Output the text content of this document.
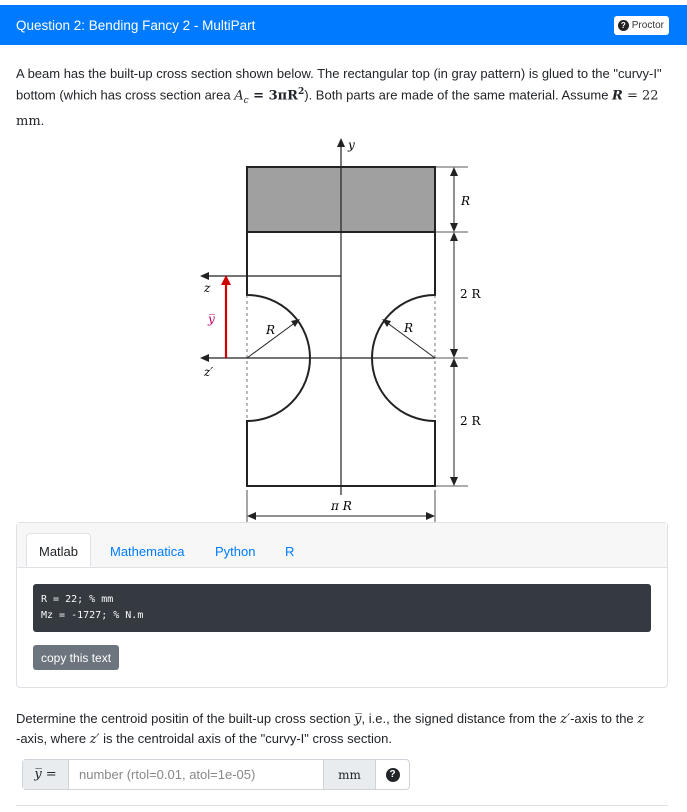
Question 2: Bending Fancy 2 - MultiPart	? Proctor
A beam has the built-up cross section shown below. The rectangular top (in gray pattern) is glued to the "curvy-I" bottom (which has cross section area $A_c = 3\pi R^2$). Both parts are made of the same material. Assume R = 22 mm.
y
z
z′
y̅
R	R
R
2 R
2 R
π R
Matlab	Mathematica Python R
R = 22; % mm
Mz = -1727; % N.m
copy this text
Determine the centroid positin of the built-up cross section y̅, i.e., the signed distance from the z′-axis to the z
-axis, where z′ is the centroidal axis of the "curvy-I" cross section.
y̅ =
number (rtol=0.01, atol=1e-05)	mm	?
